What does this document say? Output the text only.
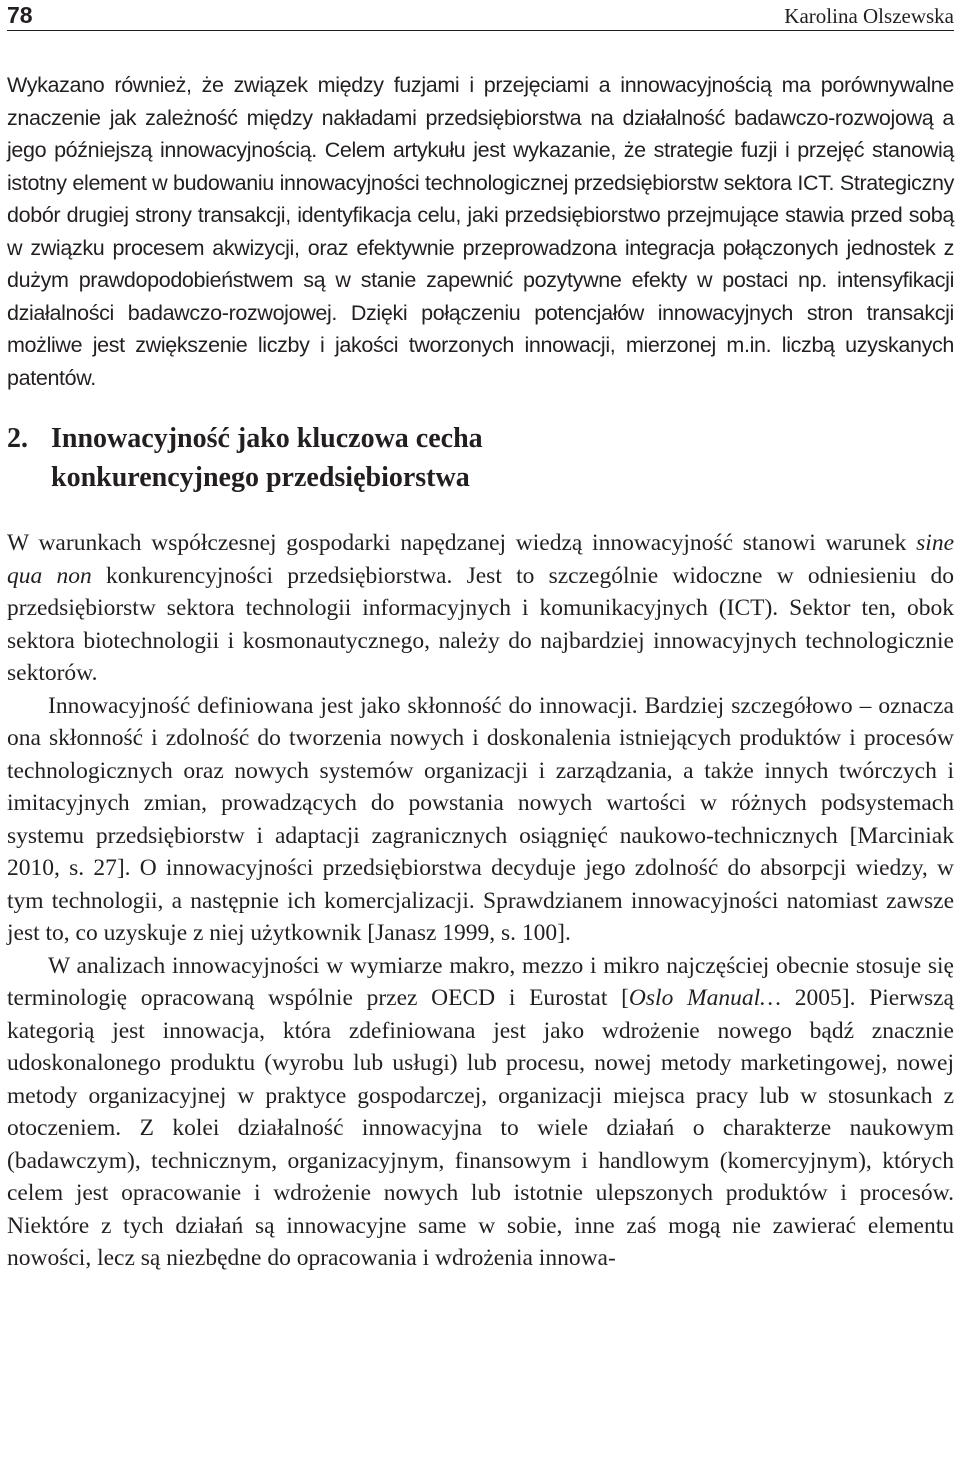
78	Karolina Olszewska

Wykazano również, że związek między fuzjami i przejęciami a innowacyjnością ma porównywalne znaczenie jak zależność między nakładami przedsiębiorstwa na działalność badawczo-rozwojową a jego późniejszą innowacyjnością. Celem artykułu jest wykazanie, że strategie fuzji i przejęć stanowią istotny element w budowaniu innowacyjności technologicznej przedsiębiorstw sektora ICT. Strategiczny dobór drugiej strony transakcji, identyfikacja celu, jaki przedsiębiorstwo przejmujące stawia przed sobą w związku procesem akwizycji, oraz efektywnie przeprowadzona integracja połączonych jednostek z dużym prawdopodobieństwem są w stanie zapewnić pozytywne efekty w postaci np. intensyfikacji działalności badawczo-rozwojowej. Dzięki połączeniu potencjałów innowacyjnych stron transakcji możliwe jest zwiększenie liczby i jakości tworzonych innowacji, mierzonej m.in. liczbą uzyskanych patentów.

2. Innowacyjność jako kluczowa cecha konkurencyjnego przedsiębiorstwa

W warunkach współczesnej gospodarki napędzanej wiedzą innowacyjność stanowi warunek sine qua non konkurencyjności przedsiębiorstwa. Jest to szczególnie widoczne w odniesieniu do przedsiębiorstw sektora technologii informacyjnych i komunikacyjnych (ICT). Sektor ten, obok sektora biotechnologii i kosmonautycznego, należy do najbardziej innowacyjnych technologicznie sektorów.

Innowacyjność definiowana jest jako skłonność do innowacji. Bardziej szczegółowo – oznacza ona skłonność i zdolność do tworzenia nowych i doskonalenia istniejących produktów i procesów technologicznych oraz nowych systemów organizacji i zarządzania, a także innych twórczych i imitacyjnych zmian, prowadzących do powstania nowych wartości w różnych podsystemach systemu przedsiębiorstw i adaptacji zagranicznych osiągnięć naukowo-technicznych [Marciniak 2010, s. 27]. O innowacyjności przedsiębiorstwa decyduje jego zdolność do absorpcji wiedzy, w tym technologii, a następnie ich komercjalizacji. Sprawdzianem innowacyjności natomiast zawsze jest to, co uzyskuje z niej użytkownik [Janasz 1999, s. 100].

W analizach innowacyjności w wymiarze makro, mezzo i mikro najczęściej obecnie stosuje się terminologię opracowaną wspólnie przez OECD i Eurostat [Oslo Manual… 2005]. Pierwszą kategorią jest innowacja, która zdefiniowana jest jako wdrożenie nowego bądź znacznie udoskonalonego produktu (wyrobu lub usługi) lub procesu, nowej metody marketingowej, nowej metody organizacyjnej w praktyce gospodarczej, organizacji miejsca pracy lub w stosunkach z otoczeniem. Z kolei działalność innowacyjna to wiele działań o charakterze naukowym (badawczym), technicznym, organizacyjnym, finansowym i handlowym (komercyjnym), których celem jest opracowanie i wdrożenie nowych lub istotnie ulepszonych produktów i procesów. Niektóre z tych działań są innowacyjne same w sobie, inne zaś mogą nie zawierać elementu nowości, lecz są niezbędne do opracowania i wdrożenia innowa-
